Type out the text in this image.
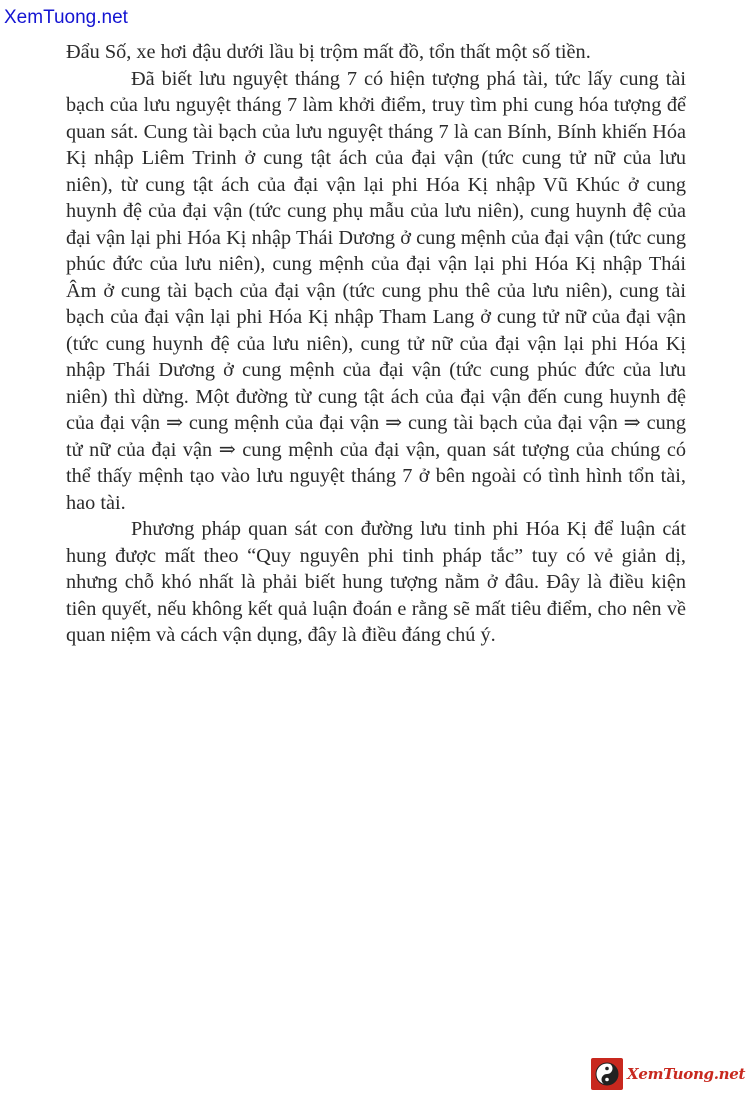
XemTuong.net

Đẩu Số, xe hơi đậu dưới lầu bị trộm mất đồ, tổn thất một số tiền.

Đã biết lưu nguyệt tháng 7 có hiện tượng phá tài, tức lấy cung tài bạch của lưu nguyệt tháng 7 làm khởi điểm, truy tìm phi cung hóa tượng để quan sát. Cung tài bạch của lưu nguyệt tháng 7 là can Bính, Bính khiến Hóa Kị nhập Liêm Trinh ở cung tật ách của đại vận (tức cung tử nữ của lưu niên), từ cung tật ách của đại vận lại phi Hóa Kị nhập Vũ Khúc ở cung huynh đệ của đại vận (tức cung phụ mẫu của lưu niên), cung huynh đệ của đại vận lại phi Hóa Kị nhập Thái Dương ở cung mệnh của đại vận (tức cung phúc đức của lưu niên), cung mệnh của đại vận lại phi Hóa Kị nhập Thái Âm ở cung tài bạch của đại vận (tức cung phu thê của lưu niên), cung tài bạch của đại vận lại phi Hóa Kị nhập Tham Lang ở cung tử nữ của đại vận (tức cung huynh đệ của lưu niên), cung tử nữ của đại vận lại phi Hóa Kị nhập Thái Dương ở cung mệnh của đại vận (tức cung phúc đức của lưu niên) thì dừng. Một đường từ cung tật ách của đại vận đến cung huynh đệ của đại vận ⇒ cung mệnh của đại vận ⇒ cung tài bạch của đại vận ⇒ cung tử nữ của đại vận ⇒ cung mệnh của đại vận, quan sát tượng của chúng có thể thấy mệnh tạo vào lưu nguyệt tháng 7 ở bên ngoài có tình hình tổn tài, hao tài.

Phương pháp quan sát con đường lưu tinh phi Hóa Kị để luận cát hung được mất theo “Quy nguyên phi tinh pháp tắc” tuy có vẻ giản dị, nhưng chỗ khó nhất là phải biết hung tượng nằm ở đâu. Đây là điều kiện tiên quyết, nếu không kết quả luận đoán e rằng sẽ mất tiêu điểm, cho nên về quan niệm và cách vận dụng, đây là điều đáng chú ý.

XemTuong.net
